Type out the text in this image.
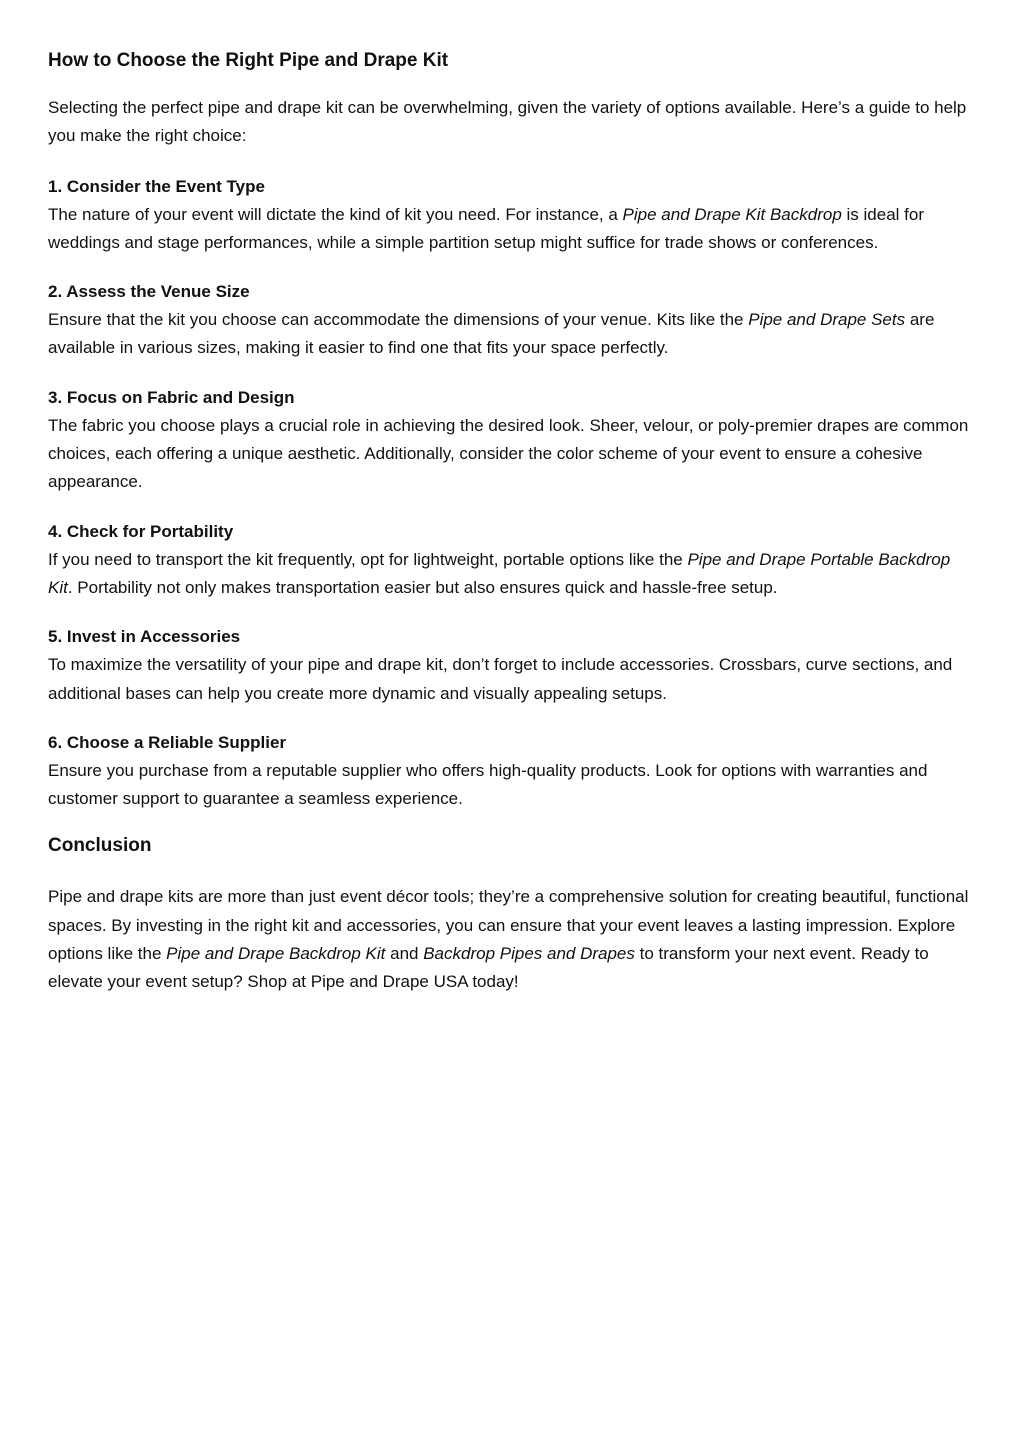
How to Choose the Right Pipe and Drape Kit

Selecting the perfect pipe and drape kit can be overwhelming, given the variety of options available. Here’s a guide to help you make the right choice:

1. Consider the Event Type

The nature of your event will dictate the kind of kit you need. For instance, a Pipe and Drape Kit Backdrop is ideal for weddings and stage performances, while a simple partition setup might suffice for trade shows or conferences.

2. Assess the Venue Size

Ensure that the kit you choose can accommodate the dimensions of your venue. Kits like the Pipe and Drape Sets are available in various sizes, making it easier to find one that fits your space perfectly.

3. Focus on Fabric and Design

The fabric you choose plays a crucial role in achieving the desired look. Sheer, velour, or poly-premier drapes are common choices, each offering a unique aesthetic. Additionally, consider the color scheme of your event to ensure a cohesive appearance.

4. Check for Portability

If you need to transport the kit frequently, opt for lightweight, portable options like the Pipe and Drape Portable Backdrop Kit. Portability not only makes transportation easier but also ensures quick and hassle-free setup.

5. Invest in Accessories

To maximize the versatility of your pipe and drape kit, don’t forget to include accessories. Crossbars, curve sections, and additional bases can help you create more dynamic and visually appealing setups.

6. Choose a Reliable Supplier

Ensure you purchase from a reputable supplier who offers high-quality products. Look for options with warranties and customer support to guarantee a seamless experience.

Conclusion

Pipe and drape kits are more than just event décor tools; they’re a comprehensive solution for creating beautiful, functional spaces. By investing in the right kit and accessories, you can ensure that your event leaves a lasting impression. Explore options like the Pipe and Drape Backdrop Kit and Backdrop Pipes and Drapes to transform your next event. Ready to elevate your event setup? Shop at Pipe and Drape USA today!
